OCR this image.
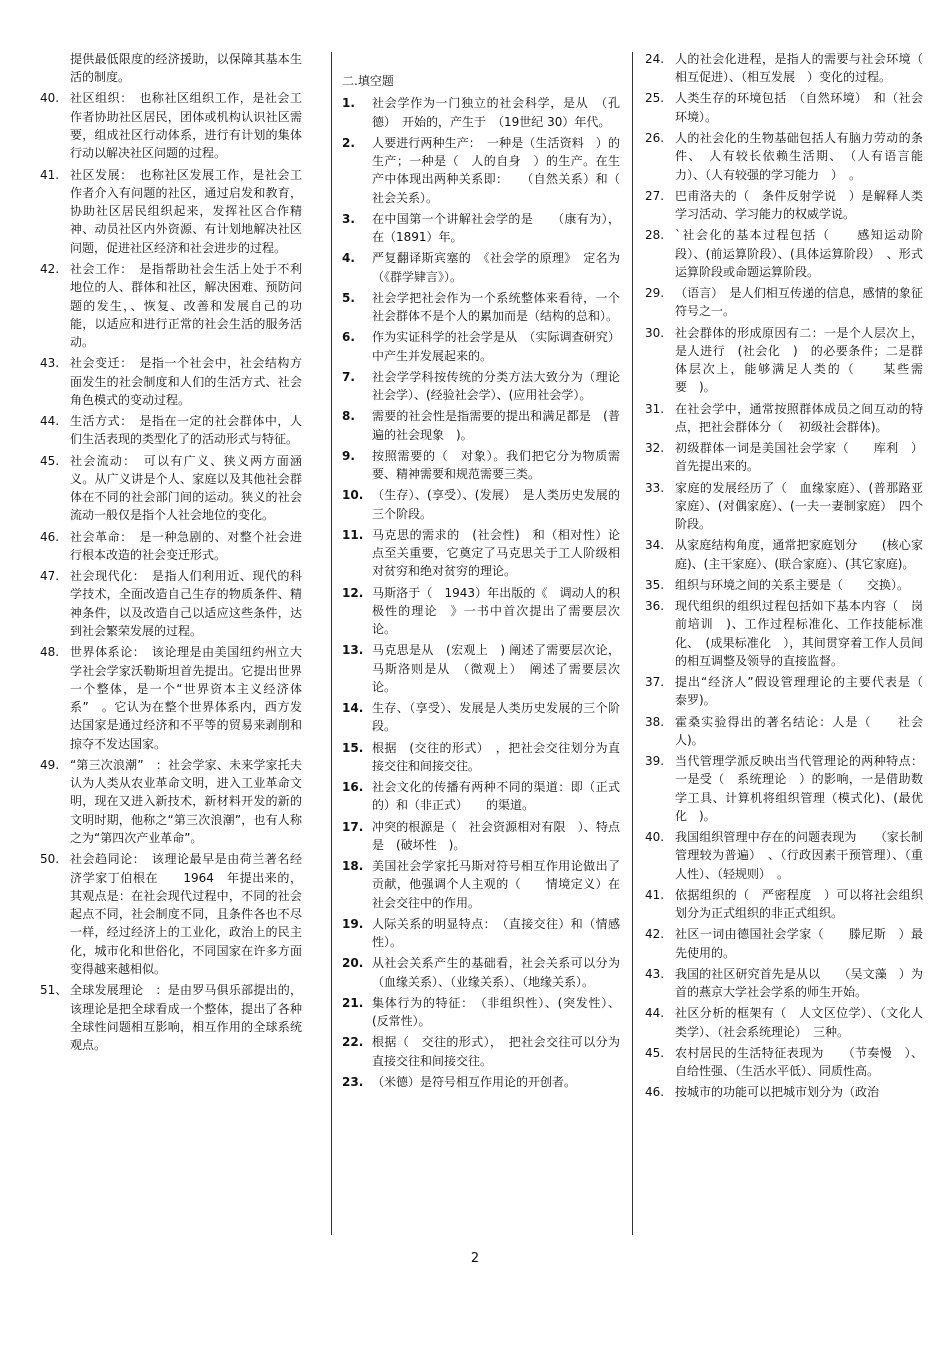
提供最低限度的经济援助，以保障其基本生活的制度。
40. 社区组织：　也称社区组织工作，是社会工作者协助社区居民，团体或机构认识社区需要，组成社区行动体系，进行有计划的集体行动以解决社区问题的过程。
41. 社区发展：　也称社区发展工作，是社会工作者介入有问题的社区，通过启发和教育，协助社区居民组织起来，发挥社区合作精神、动员社区内外资源、有计划地解决社区问题，促进社区经济和社会进步的过程。
42. 社会工作：　是指帮助社会生活上处于不利地位的人、群体和社区，解决困难、预防问题的发生，、恢复、改善和发展自己的功能，以适应和进行正常的社会生活的服务活动。
43. 社会变迁：　是指一个社会中，社会结构方面发生的社会制度和人们的生活方式、社会角色模式的变动过程。
44. 生活方式：　是指在一定的社会群体中，人们生活表现的类型化了的活动形式与特征。
45. 社会流动：　可以有广义、狭义两方面涵义。从广义讲是个人、家庭以及其他社会群体在不同的社会部门间的运动。狭义的社会流动一般仅是指个人社会地位的变化。
46. 社会革命：　是一种急剧的、对整个社会进行根本改造的社会变迁形式。
47. 社会现代化：　是指人们利用近、现代的科学技术，全面改造自己生存的物质条件、精神条件，以及改造自己以适应这些条件，达到社会繁荣发展的过程。
48. 世界体系论：　该论理是由美国纽约州立大学社会学家沃勒斯坦首先提出。它提出世界一个整体，是一个“世界资本主义经济体系”　。它认为在整个世界体系内，西方发达国家是通过经济和不平等的贸易来剥削和掠夺不发达国家。
49. “第三次浪潮”　：社会学家、未来学家托夫认为人类从农业革命文明，进入工业革命文明，现在又进入新技术，新材料开发的新的文明时期，他称之“第三次浪潮”，也有人称之为“第四次产业革命”。
50. 社会趋同论：　该理论最早是由荷兰著名经济学家丁伯根在　　1964　年提出来的，其观点是：在社会现代过程中，不同的社会起点不同，社会制度不同，且条件各也不尽一样，经过经济上的工业化，政治上的民主化，城市化和世俗化，不同国家在许多方面变得越来越相似。
51、 全球发展理论　：是由罗马俱乐部提出的，该理论是把全球看成一个整体，提出了各种全球性问题相互影响，相互作用的全球系统观点。
二.填空题
1.	社会学作为一门独立的社会科学，是从　（孔德）　开始的，产生于　（19世纪 30）年代。
2.	人要进行两种生产：　一种是（生活资料　）的生产；一种是（　人的自身　）的生产。在生产中体现出两种关系即：　　（自然关系）和（　社会关系）。
3.	在中国第一个讲解社会学的是　　（康有为），在（1891）年。
4.	严复翻译斯宾塞的　《社会学的原理》　定名为（《群学肄言》）。
5.	社会学把社会作为一个系统整体来看待，一个社会群体不是个人的累加而是（结构的总和）。
6.	作为实证科学的社会学是从　（实际调查研究）中产生并发展起来的。
7.	社会学学科按传统的分类方法大致分为（理论社会学）、(经验社会学）、(应用社会学）。
8.	需要的社会性是指需要的提出和满足都是　(普遍的社会现象　)。
9.	按照需要的（　对象）。我们把它分为物质需要、精神需要和规范需要三类。
10. （生存）、(享受）、(发展）　是人类历史发展的三个阶段。
11. 马克思的需求的　(社会性)　和（相对性）论点至关重要，它奠定了马克思关于工人阶级相对贫穷和绝对贫穷的理论。
12. 马斯洛于（　1943）年出版的《　调动人的积极性的理论　》一书中首次提出了需要层次论。
13. 马克思是从　(宏观上　) 阐述了需要层次论，马斯洛则是从　（微观上）　阐述了需要层次论。
14. 生存、（享受）、发展是人类历史发展的三个阶段。
15. 根据　(交往的形式）　，把社会交往划分为直接交往和间接交往。
16. 社会文化的传播有两种不同的渠道：即（正式的）和（非正式）　　的渠道。
17. 冲突的根源是（　社会资源相对有限　）、特点是　(破坏性　)。
18. 美国社会学家托马斯对符号相互作用论做出了贡献，他强调个人主观的（　　情境定义）在社会交往中的作用。
19. 人际关系的明显特点：　（直接交往）和（情感性）。
20. 从社会关系产生的基础看，社会关系可以分为（血缘关系）、（业缘关系）、（地缘关系）。
21. 集体行为的特征：　（非组织性）、(突发性）、(反常性）。
22. 根据（　交往的形式），　把社会交往可以分为直接交往和间接交往。
23. （米德）是符号相互作用论的开创者。
24. 人的社会化进程，是指人的需要与社会环境（　相互促进）、（相互发展　）变化的过程。
25. 人类生存的环境包括　（自然环境）　和（社会环境）。
26. 人的社会化的生物基础包括人有脑力劳动的条件、　人有较长依赖生活期、　（人有语言能力）、（人有较强的学习能力　）　。
27. 巴甫洛夫的（　条件反射学说　）是解释人类学习活动、学习能力的权威学说。
28. `社会化的基本过程包括（　　感知运动阶段）、(前运算阶段）、(具体运算阶段）　、形式运算阶段或命题运算阶段。
29. （语言）　是人们相互传递的信息，感情的象征符号之一。
30. 社会群体的形成原因有二：一是个人层次上，是人进行　(社会化　)　的必要条件；二是群体层次上，能够满足人类的（　　某些需要　)。
31. 在社会学中，通常按照群体成员之间互动的特点，把社会群体分（　 初级社会群体)。
32. 初级群体一词是美国社会学家（　　库利　）首先提出来的。
33. 家庭的发展经历了（　血缘家庭）、(普那路亚家庭）、(对偶家庭）、(一夫一妻制家庭）　四个阶段。
34. 从家庭结构角度，通常把家庭划分　　(核心家庭)、(主干家庭）、(联合家庭）、(其它家庭)。
35. 组织与环境之间的关系主要是（　　交换）。
36. 现代组织的组织过程包括如下基本内容（　岗前培训　)、工作过程标准化、工作技能标准化、　(成果标准化　），其间贯穿着工作人员间的相互调整及领导的直接监督。
37. 提出“经济人”假设管理理论的主要代表是（　泰罗)。
38. 霍桑实验得出的著名结论：人是（　　社会人)。
39. 当代管理学派反映出当代管理论的两种特点：一是受（　系统理论　）的影响，一是借助数学工具、计算机将组织管理（模式化)、(最优化　)。
40. 我国组织管理中存在的问题表现为　　（家长制管理较为普遍）　、（行政因素干预管理）、（重人性）、（轻规则）　。
41. 依据组织的（　严密程度　）可以将社会组织划分为正式组织的非正式组织。
42. 社区一词由德国社会学家（　　滕尼斯　）最先使用的。
43. 我国的社区研究首先是从以　　（吴文藻　）为首的燕京大学社会学系的师生开始。
44. 社区分析的框架有（　人文区位学）、（文化人类学）、（社会系统理论）　三种。
45. 农村居民的生活特征表现为　　（节奏慢　）、自给性强、（生活水平低）、同质性高。
46. 按城市的功能可以把城市划分为（政治
2
